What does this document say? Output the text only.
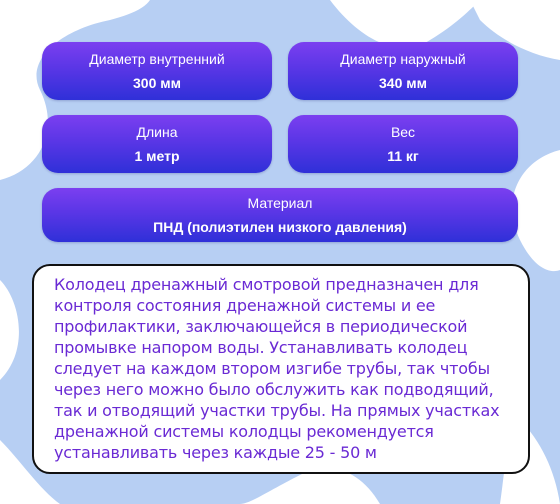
Диаметр внутренний
300 мм
Диаметр наружный
340 мм
Длина
1 метр
Вес
11 кг
Материал
ПНД (полиэтилен низкого давления)
Колодец дренажный смотровой предназначен для контроля состояния дренажной системы и ее профилактики, заключающейся в периодической промывке напором воды. Устанавливать колодец следует на каждом втором изгибе трубы, так чтобы через него можно было обслужить как подводящий, так и отводящий участки трубы. На прямых участках дренажной системы колодцы рекомендуется устанавливать через каждые 25 - 50 м
